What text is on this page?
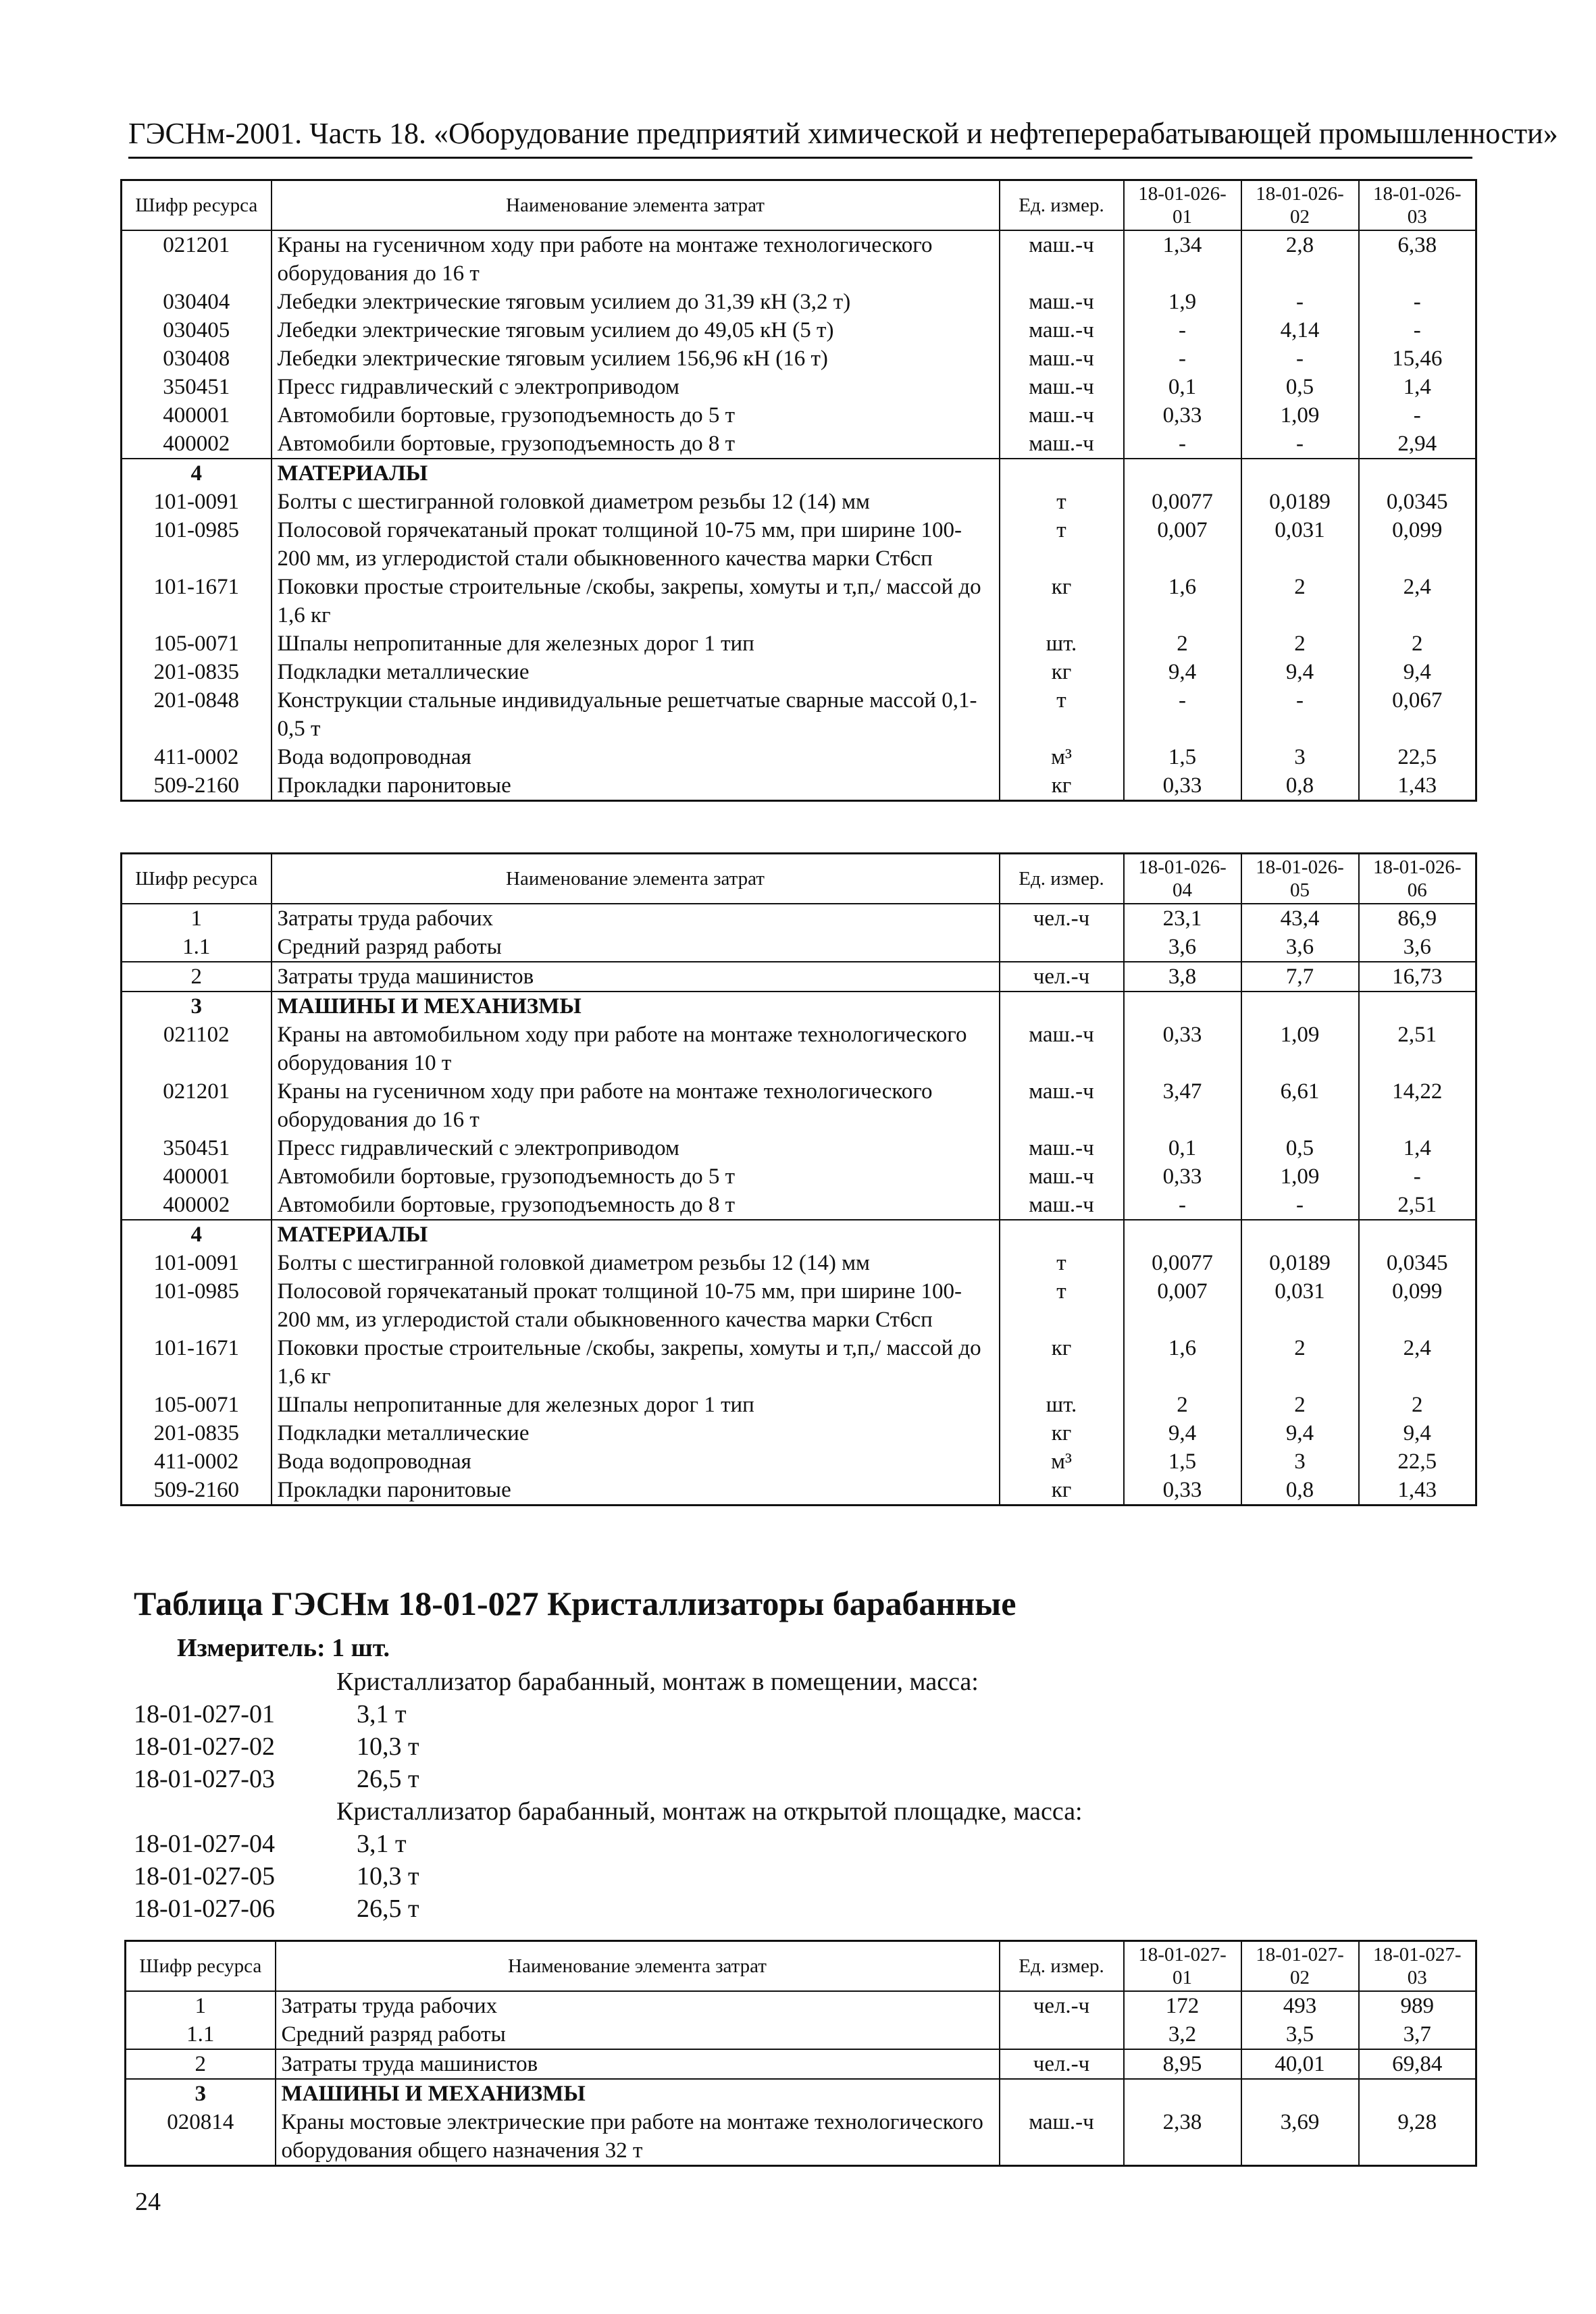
ГЭСНм-2001. Часть 18. «Оборудование предприятий химической и нефтеперерабатывающей промышленности»
Шифр ресурса	Наименование элемента затрат	Ед. измер.	18-01-026-01	18-01-026-02	18-01-026-03
021201	Краны на гусеничном ходу при работе на монтаже технологического оборудования до 16 т	маш.-ч	1,34	2,8	6,38
030404	Лебедки электрические тяговым усилием до 31,39 кН (3,2 т)	маш.-ч	1,9	-	-
030405	Лебедки электрические тяговым усилием до 49,05 кН (5 т)	маш.-ч	-	4,14	-
030408	Лебедки электрические тяговым усилием 156,96 кН (16 т)	маш.-ч	-	-	15,46
350451	Пресс гидравлический с электроприводом	маш.-ч	0,1	0,5	1,4
400001	Автомобили бортовые, грузоподъемность до 5 т	маш.-ч	0,33	1,09	-
400002	Автомобили бортовые, грузоподъемность до 8 т	маш.-ч	-	-	2,94
4	МАТЕРИАЛЫ				
101-0091	Болты с шестигранной головкой диаметром резьбы 12 (14) мм	т	0,0077	0,0189	0,0345
101-0985	Полосовой горячекатаный прокат толщиной 10-75 мм, при ширине 100-200 мм, из углеродистой стали обыкновенного качества марки Ст6сп	т	0,007	0,031	0,099
101-1671	Поковки простые строительные /скобы, закрепы, хомуты и т,п,/ массой до 1,6 кг	кг	1,6	2	2,4
105-0071	Шпалы непропитанные для железных дорог 1 тип	шт.	2	2	2
201-0835	Подкладки металлические	кг	9,4	9,4	9,4
201-0848	Конструкции стальные индивидуальные решетчатые сварные массой 0,1-0,5 т	т	-	-	0,067
411-0002	Вода водопроводная	м³	1,5	3	22,5
509-2160	Прокладки паронитовые	кг	0,33	0,8	1,43
Шифр ресурса	Наименование элемента затрат	Ед. измер.	18-01-026-04	18-01-026-05	18-01-026-06
1	Затраты труда рабочих	чел.-ч	23,1	43,4	86,9
1.1	Средний разряд работы		3,6	3,6	3,6
2	Затраты труда машинистов	чел.-ч	3,8	7,7	16,73
3	МАШИНЫ И МЕХАНИЗМЫ				
021102	Краны на автомобильном ходу при работе на монтаже технологического оборудования 10 т	маш.-ч	0,33	1,09	2,51
021201	Краны на гусеничном ходу при работе на монтаже технологического оборудования до 16 т	маш.-ч	3,47	6,61	14,22
350451	Пресс гидравлический с электроприводом	маш.-ч	0,1	0,5	1,4
400001	Автомобили бортовые, грузоподъемность до 5 т	маш.-ч	0,33	1,09	-
400002	Автомобили бортовые, грузоподъемность до 8 т	маш.-ч	-	-	2,51
4	МАТЕРИАЛЫ				
101-0091	Болты с шестигранной головкой диаметром резьбы 12 (14) мм	т	0,0077	0,0189	0,0345
101-0985	Полосовой горячекатаный прокат толщиной 10-75 мм, при ширине 100-200 мм, из углеродистой стали обыкновенного качества марки Ст6сп	т	0,007	0,031	0,099
101-1671	Поковки простые строительные /скобы, закрепы, хомуты и т,п,/ массой до 1,6 кг	кг	1,6	2	2,4
105-0071	Шпалы непропитанные для железных дорог 1 тип	шт.	2	2	2
201-0835	Подкладки металлические	кг	9,4	9,4	9,4
411-0002	Вода водопроводная	м³	1,5	3	22,5
509-2160	Прокладки паронитовые	кг	0,33	0,8	1,43
Таблица ГЭСНм 18-01-027 Кристаллизаторы барабанные
Измеритель: 1 шт.
Кристаллизатор барабанный, монтаж в помещении, масса:
18-01-027-01	3,1 т
18-01-027-02	10,3 т
18-01-027-03	26,5 т
Кристаллизатор барабанный, монтаж на открытой площадке, масса:
18-01-027-04	3,1 т
18-01-027-05	10,3 т
18-01-027-06	26,5 т
Шифр ресурса	Наименование элемента затрат	Ед. измер.	18-01-027-01	18-01-027-02	18-01-027-03
1	Затраты труда рабочих	чел.-ч	172	493	989
1.1	Средний разряд работы		3,2	3,5	3,7
2	Затраты труда машинистов	чел.-ч	8,95	40,01	69,84
3	МАШИНЫ И МЕХАНИЗМЫ				
020814	Краны мостовые электрические при работе на монтаже технологического оборудования общего назначения 32 т	маш.-ч	2,38	3,69	9,28
24
